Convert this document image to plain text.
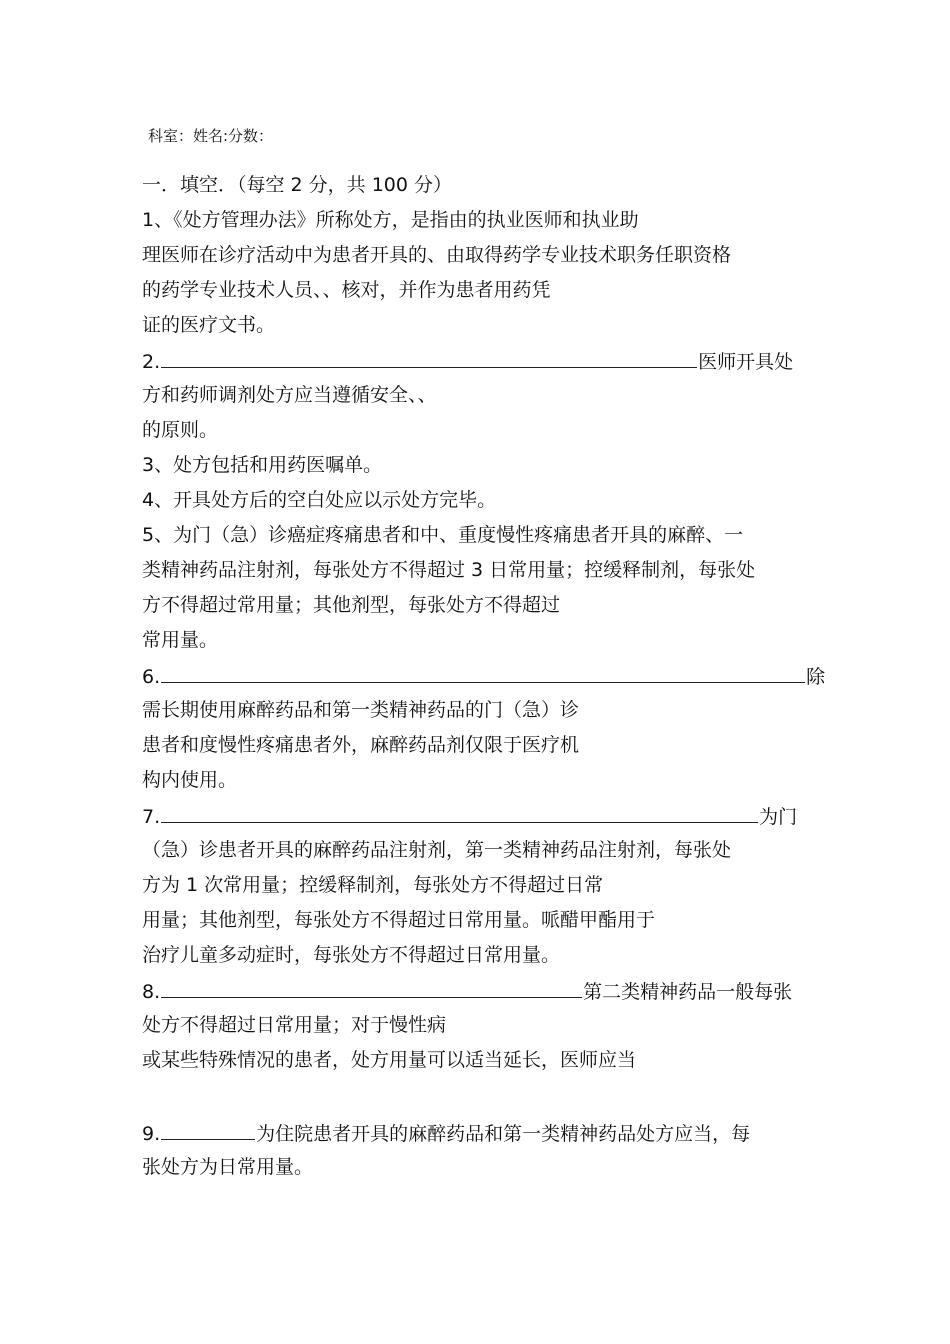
科室：姓名:分数：
一．填空．（每空 2 分，共 100 分）
1、《处方管理办法》所称处方，是指由的执业医师和执业助
理医师在诊疗活动中为患者开具的、由取得药学专业技术职务任职资格
的药学专业技术人员、、核对，并作为患者用药凭
证的医疗文书。
2.	医师开具处
方和药师调剂处方应当遵循安全、、
的原则。
3、处方包括和用药医嘱单。
4、开具处方后的空白处应以示处方完毕。
5、为门（急）诊癌症疼痛患者和中、重度慢性疼痛患者开具的麻醉、一
类精神药品注射剂，每张处方不得超过 3 日常用量；控缓释制剂，每张处
方不得超过常用量；其他剂型，每张处方不得超过
常用量。
6.	除
需长期使用麻醉药品和第一类精神药品的门（急）诊
患者和度慢性疼痛患者外，麻醉药品剂仅限于医疗机
构内使用。
7.	为门
（急）诊患者开具的麻醉药品注射剂，第一类精神药品注射剂，每张处
方为 1 次常用量；控缓释制剂，每张处方不得超过日常
用量；其他剂型，每张处方不得超过日常用量。哌醋甲酯用于
治疗儿童多动症时，每张处方不得超过日常用量。
8.	第二类精神药品一般每张
处方不得超过日常用量；对于慢性病
或某些特殊情况的患者，处方用量可以适当延长，医师应当
9.	为住院患者开具的麻醉药品和第一类精神药品处方应当，每
张处方为日常用量。
